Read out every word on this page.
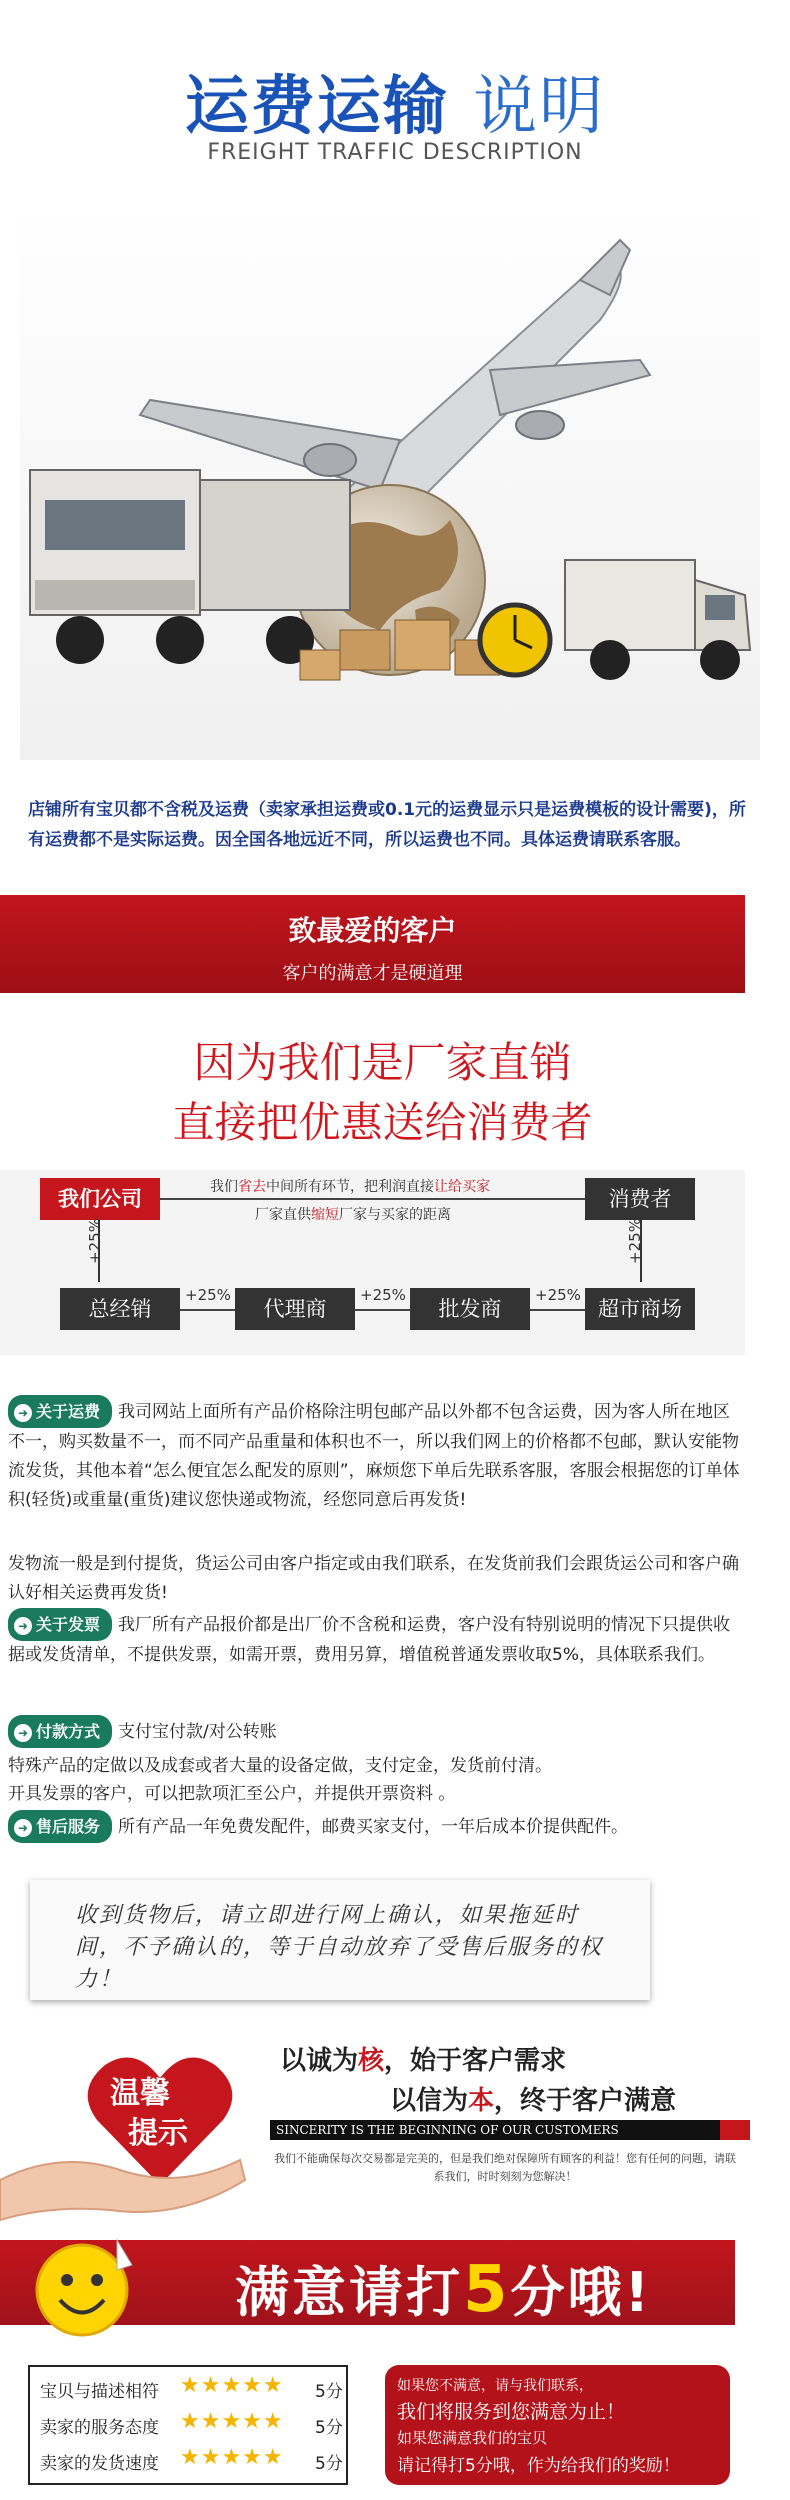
运费运输 说明
FREIGHT TRAFFIC DESCRIPTION
店铺所有宝贝都不含税及运费（卖家承担运费或0.1元的运费显示只是运费模板的设计需要)，所有运费都不是实际运费。因全国各地远近不同，所以运费也不同。具体运费请联系客服。
致最爱的客户
客户的满意才是硬道理
因为我们是厂家直销
直接把优惠送给消费者
我们公司	消费者
我们省去中间所有环节，把利润直接让给买家
厂家直供缩短厂家与买家的距离
+25%	+25%
总经销	代理商	批发商	超市商场
+25%	+25%	+25%
➜ 关于运费 我司网站上面所有产品价格除注明包邮产品以外都不包含运费，因为客人所在地区不一，购买数量不一，而不同产品重量和体积也不一，所以我们网上的价格都不包邮，默认安能物流发货，其他本着“怎么便宜怎么配发的原则”，麻烦您下单后先联系客服，客服会根据您的订单体积(轻货)或重量(重货)建议您快递或物流，经您同意后再发货!
发物流一般是到付提货，货运公司由客户指定或由我们联系，在发货前我们会跟货运公司和客户确认好相关运费再发货!
➜ 关于发票 我厂所有产品报价都是出厂价不含税和运费，客户没有特别说明的情况下只提供收据或发货清单，不提供发票，如需开票，费用另算，增值税普通发票收取5%，具体联系我们。
➜ 付款方式 支付宝付款/对公转账
特殊产品的定做以及成套或者大量的设备定做，支付定金，发货前付清。
开具发票的客户，可以把款项汇至公户，并提供开票资料 。
➜ 售后服务 所有产品一年免费发配件，邮费买家支付，一年后成本价提供配件。
收到货物后，请立即进行网上确认，如果拖延时间，不予确认的，等于自动放弃了受售后服务的权力！
温馨
提示
以诚为核，始于客户需求
以信为本，终于客户满意
SINCERITY IS THE BEGINNING OF OUR CUSTOMERS
我们不能确保每次交易都是完美的，但是我们绝对保障所有顾客的利益！您有任何的问题，请联系我们，时时刻刻为您解决！
满意请打5分哦!
宝贝与描述相符 ★★★★★ 5分
卖家的服务态度 ★★★★★ 5分
卖家的发货速度 ★★★★★ 5分
如果您不满意，请与我们联系，
我们将服务到您满意为止！
如果您满意我们的宝贝
请记得打5分哦，作为给我们的奖励！
